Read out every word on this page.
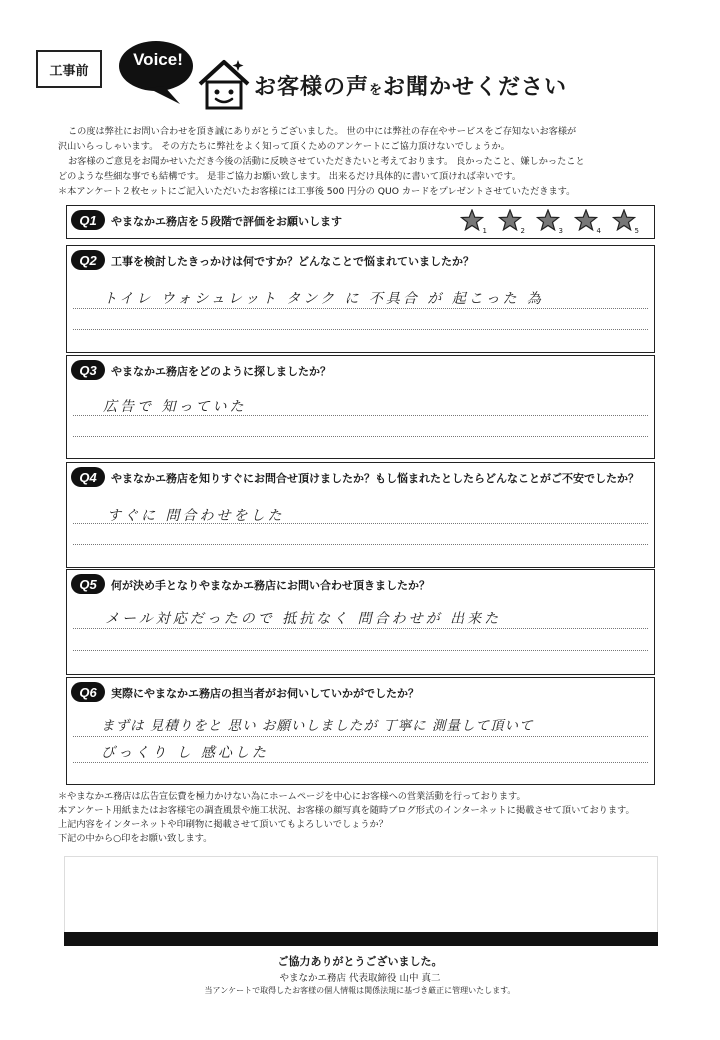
工事前
Voice!
お客様の声をお聞かせください

この度は弊社にお問い合わせを頂き誠にありがとうございました。 世の中には弊社の存在やサービスをご存知ないお客様が

沢山いらっしゃいます。 その方たちに弊社をよく知って頂くためのアンケートにご協力頂けないでしょうか。

お客様のご意見をお聞かせいただき今後の活動に反映させていただきたいと考えております。 良かったこと、嫌しかったこと

どのような些細な事でも結構です。 是非ご協力お願い致します。 出来るだけ具体的に書いて頂ければ幸いです。

＊本アンケート２枚セットにご記入いただいたお客様には工事後 500 円分の QUO カードをプレゼントさせていただきます。

Q1	やまなかエ務店を５段階で評価をお願いします
1	2	3	4	5
Q2	工事を検討したきっかけは何ですか？どんなことで悩まれていましたか？
トイレ ウォシュレット タンク に 不具合 が 起こった 為
Q3	やまなかエ務店をどのように探しましたか？
広告で 知っていた
Q4	やまなかエ務店を知りすぐにお問合せ頂けましたか？もし悩まれたとしたらどんなことがご不安でしたか？
すぐに 問合わせをした
Q5	何が決め手となりやまなかエ務店にお問い合わせ頂きましたか？
メール対応だったので 抵抗なく 問合わせが 出来た
Q6	実際にやまなかエ務店の担当者がお伺いしていかがでしたか？
まずは 見積りをと 思い お願いしましたが 丁寧に 測量して頂いて
びっくり し 感心した

＊やまなかエ務店は広告宣伝費を極力かけない為にホームページを中心にお客様への営業活動を行っております。

本アンケート用紙またはお客様宅の調査風景や施工状況、お客様の顔写真を随時ブログ形式のインターネットに掲載させて頂いております。

上記内容をインターネットや印刷物に掲載させて頂いてもよろしいでしょうか？

下記の中から○印をお願い致します。

ご協力ありがとうございました。
やまなかエ務店 代表取締役 山中 真二
当アンケートで取得したお客様の個人情報は関係法規に基づき厳正に管理いたします。
